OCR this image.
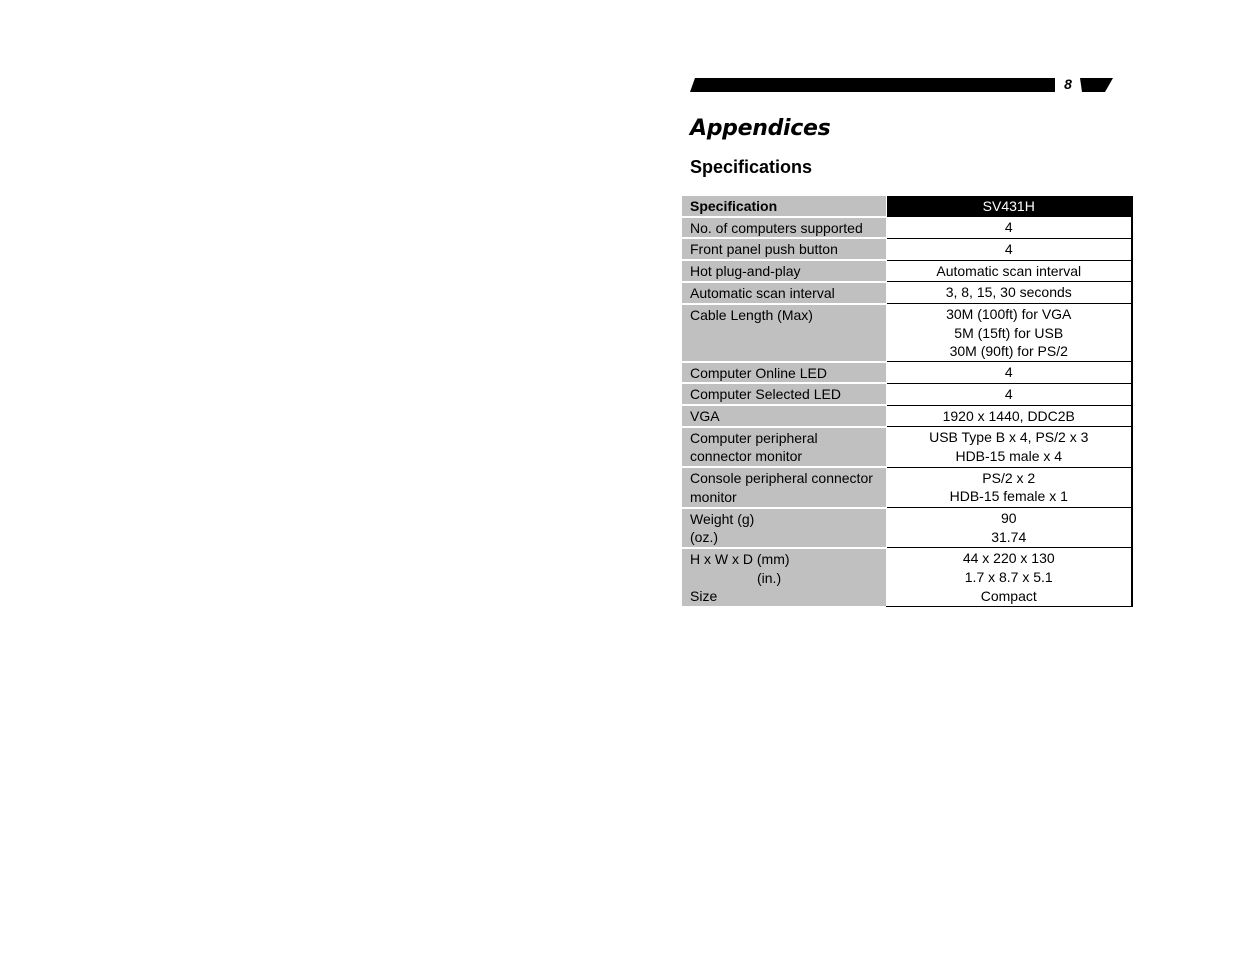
8
Appendices
Specifications
Specification	SV431H

No. of computers supported	4

Front panel push button	4

Hot plug-and-play	Automatic scan interval

Automatic scan interval	3, 8, 15, 30 seconds

Cable Length (Max)	30M (100ft) for VGA
5M (15ft) for USB
30M (90ft) for PS/2

Computer Online LED	4

Computer Selected LED	4

VGA	1920 x 1440, DDC2B

Computer peripheral
connector monitor	USB Type B x 4, PS/2 x 3
HDB-15 male x 4

Console peripheral connector
monitor	PS/2 x 2
HDB-15 female x 1

Weight (g)
(oz.)	90
31.74

H x W x D (mm)
(in.)
Size	44 x 220 x 130
1.7 x 8.7 x 5.1
Compact
